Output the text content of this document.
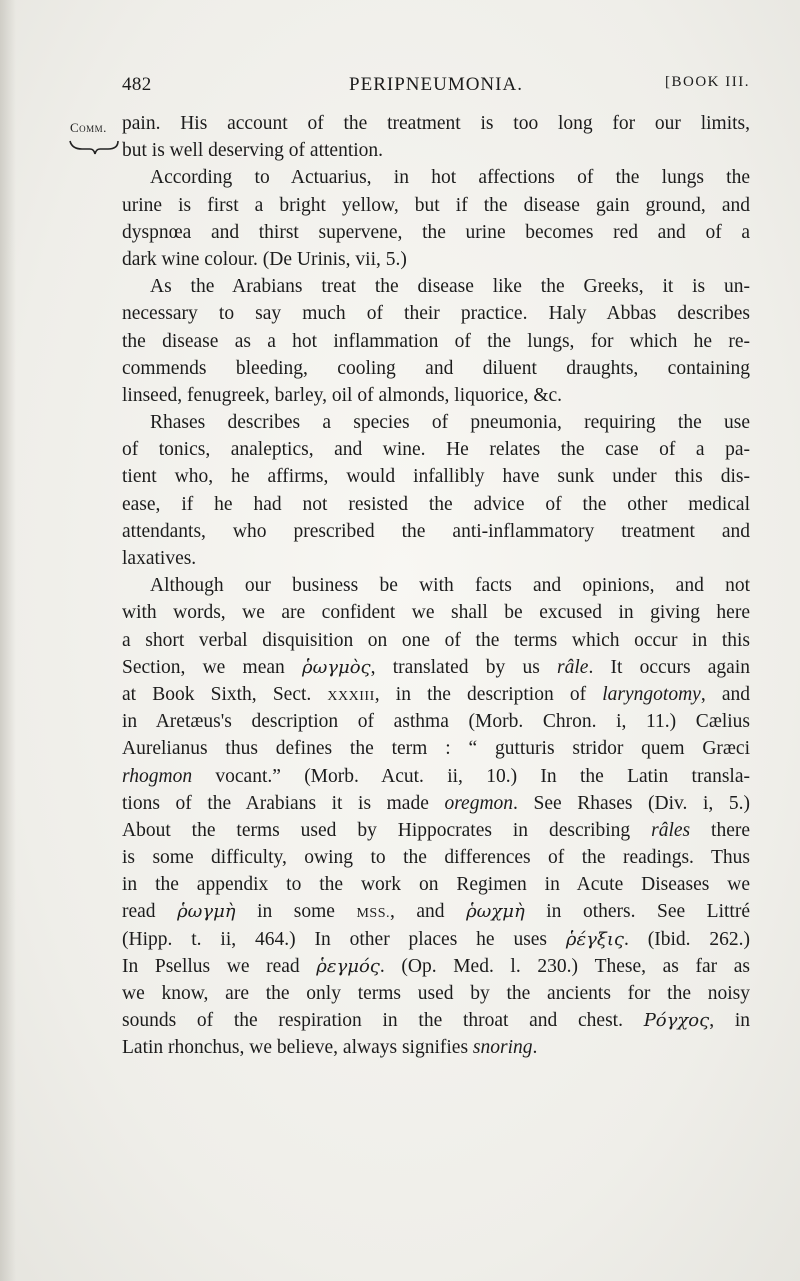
482	PERIPNEUMONIA.	[BOOK III.
Comm. pain. His account of the treatment is too long for our limits,
but is well deserving of attention.
According to Actuarius, in hot affections of the lungs the
urine is first a bright yellow, but if the disease gain ground, and
dyspnœa and thirst supervene, the urine becomes red and of a
dark wine colour. (De Urinis, vii, 5.)
As the Arabians treat the disease like the Greeks, it is un-
necessary to say much of their practice. Haly Abbas describes
the disease as a hot inflammation of the lungs, for which he re-
commends bleeding, cooling and diluent draughts, containing
linseed, fenugreek, barley, oil of almonds, liquorice, &c.
Rhases describes a species of pneumonia, requiring the use
of tonics, analeptics, and wine. He relates the case of a pa-
tient who, he affirms, would infallibly have sunk under this dis-
ease, if he had not resisted the advice of the other medical
attendants, who prescribed the anti-inflammatory treatment and
laxatives.
Although our business be with facts and opinions, and not
with words, we are confident we shall be excused in giving here
a short verbal disquisition on one of the terms which occur in this
Section, we mean ῥωγμὸς, translated by us râle. It occurs again
at Book Sixth, Sect. XXXIII, in the description of laryngotomy, and
in Aretæus's description of asthma (Morb. Chron. i, 11.) Cælius
Aurelianus thus defines the term : “ gutturis stridor quem Græci
rhogmon vocant.” (Morb. Acut. ii, 10.) In the Latin transla-
tions of the Arabians it is made oregmon. See Rhases (Div. i, 5.)
About the terms used by Hippocrates in describing râles there
is some difficulty, owing to the differences of the readings. Thus
in the appendix to the work on Regimen in Acute Diseases we
read ῥωγμὴ in some MSS., and ῥωχμὴ in others. See Littré
(Hipp. t. ii, 464.) In other places he uses ῥέγξις. (Ibid. 262.)
In Psellus we read ῥεγμός. (Op. Med. l. 230.) These, as far as
we know, are the only terms used by the ancients for the noisy
sounds of the respiration in the throat and chest. Ρόγχος, in
Latin rhonchus, we believe, always signifies snoring.
